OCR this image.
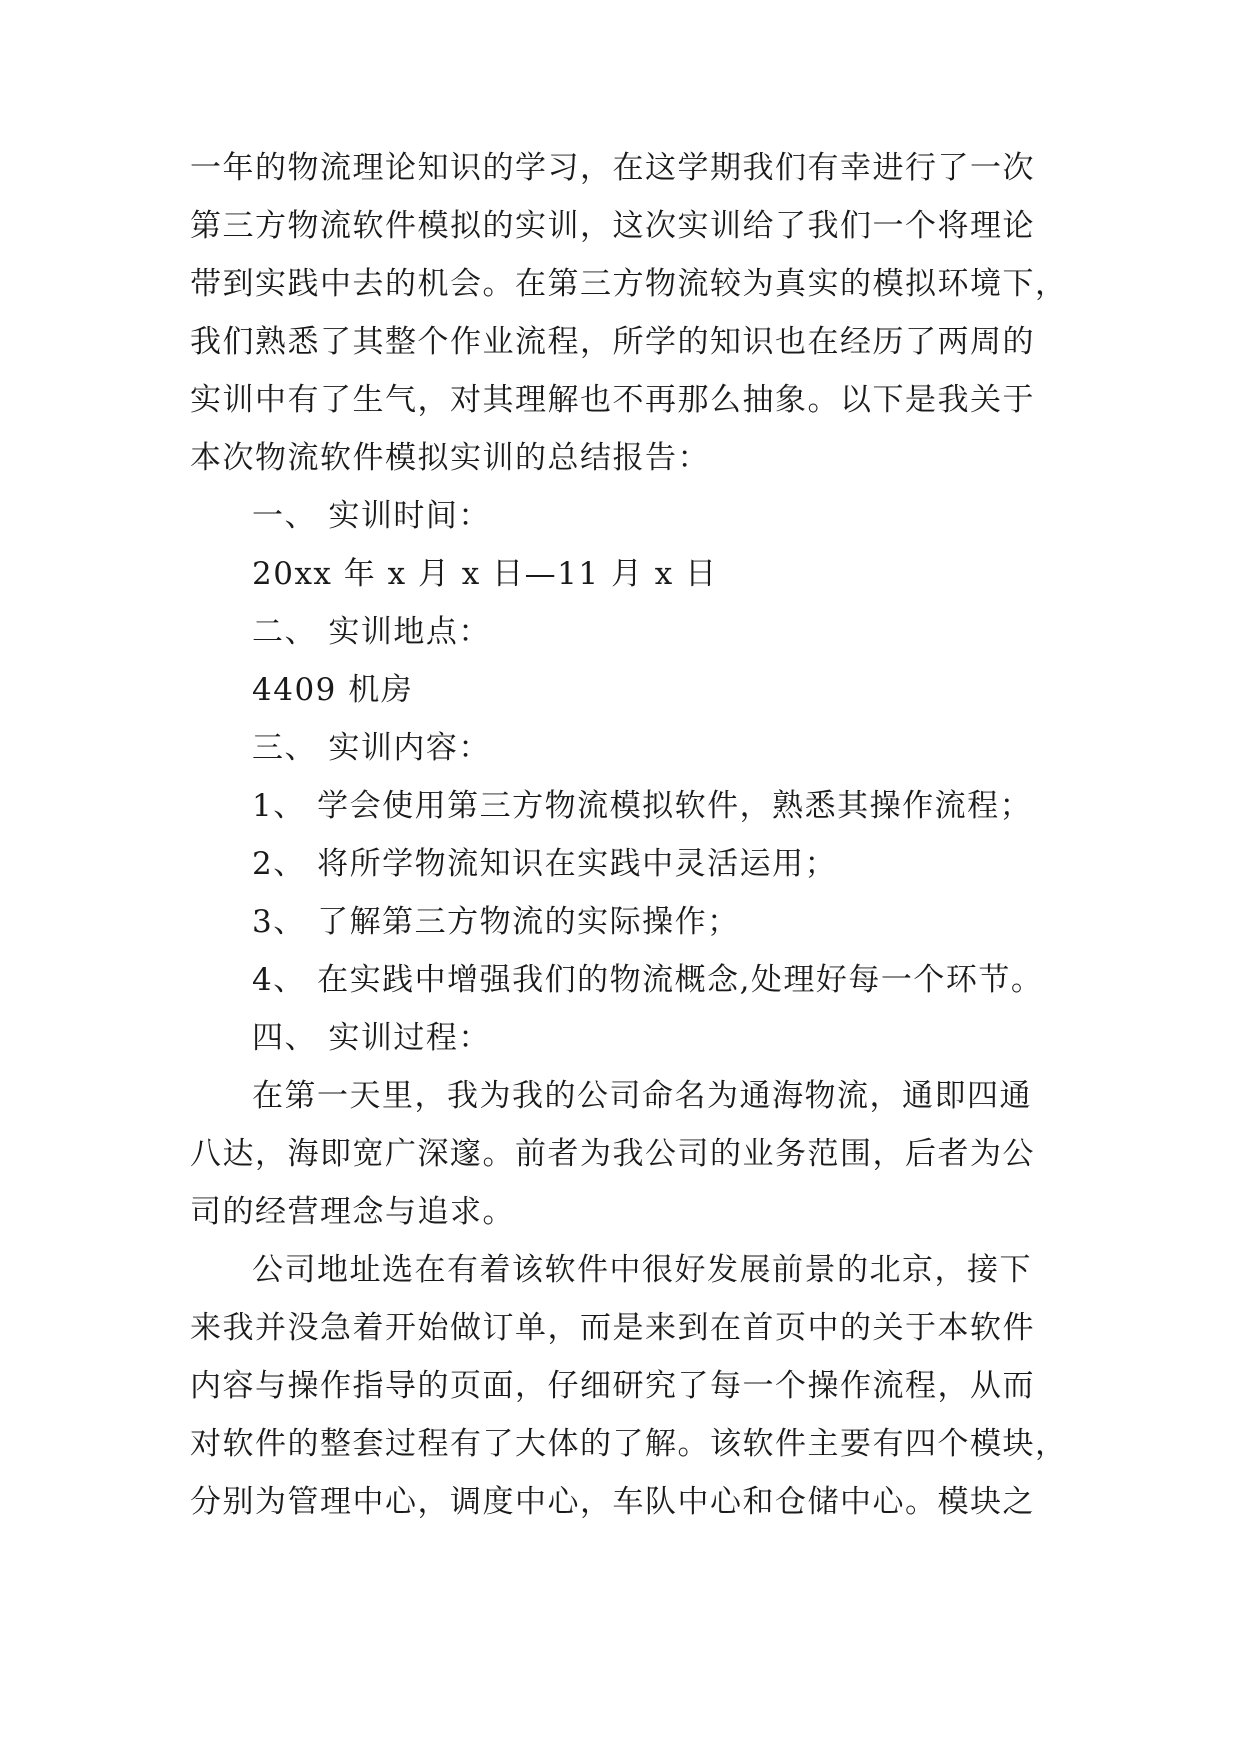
一年的物流理论知识的学习，在这学期我们有幸进行了一次
第三方物流软件模拟的实训，这次实训给了我们一个将理论
带到实践中去的机会。在第三方物流较为真实的模拟环境下，
我们熟悉了其整个作业流程，所学的知识也在经历了两周的
实训中有了生气，对其理解也不再那么抽象。以下是我关于
本次物流软件模拟实训的总结报告：
一、 实训时间：
20xx 年 x 月 x 日—11 月 x 日
二、 实训地点：
4409 机房
三、 实训内容：
1、 学会使用第三方物流模拟软件，熟悉其操作流程；
2、 将所学物流知识在实践中灵活运用；
3、 了解第三方物流的实际操作；
4、 在实践中增强我们的物流概念,处理好每一个环节。
四、 实训过程：
在第一天里，我为我的公司命名为通海物流，通即四通
八达，海即宽广深邃。前者为我公司的业务范围，后者为公
司的经营理念与追求。
公司地址选在有着该软件中很好发展前景的北京，接下
来我并没急着开始做订单，而是来到在首页中的关于本软件
内容与操作指导的页面，仔细研究了每一个操作流程，从而
对软件的整套过程有了大体的了解。该软件主要有四个模块，
分别为管理中心，调度中心，车队中心和仓储中心。模块之
